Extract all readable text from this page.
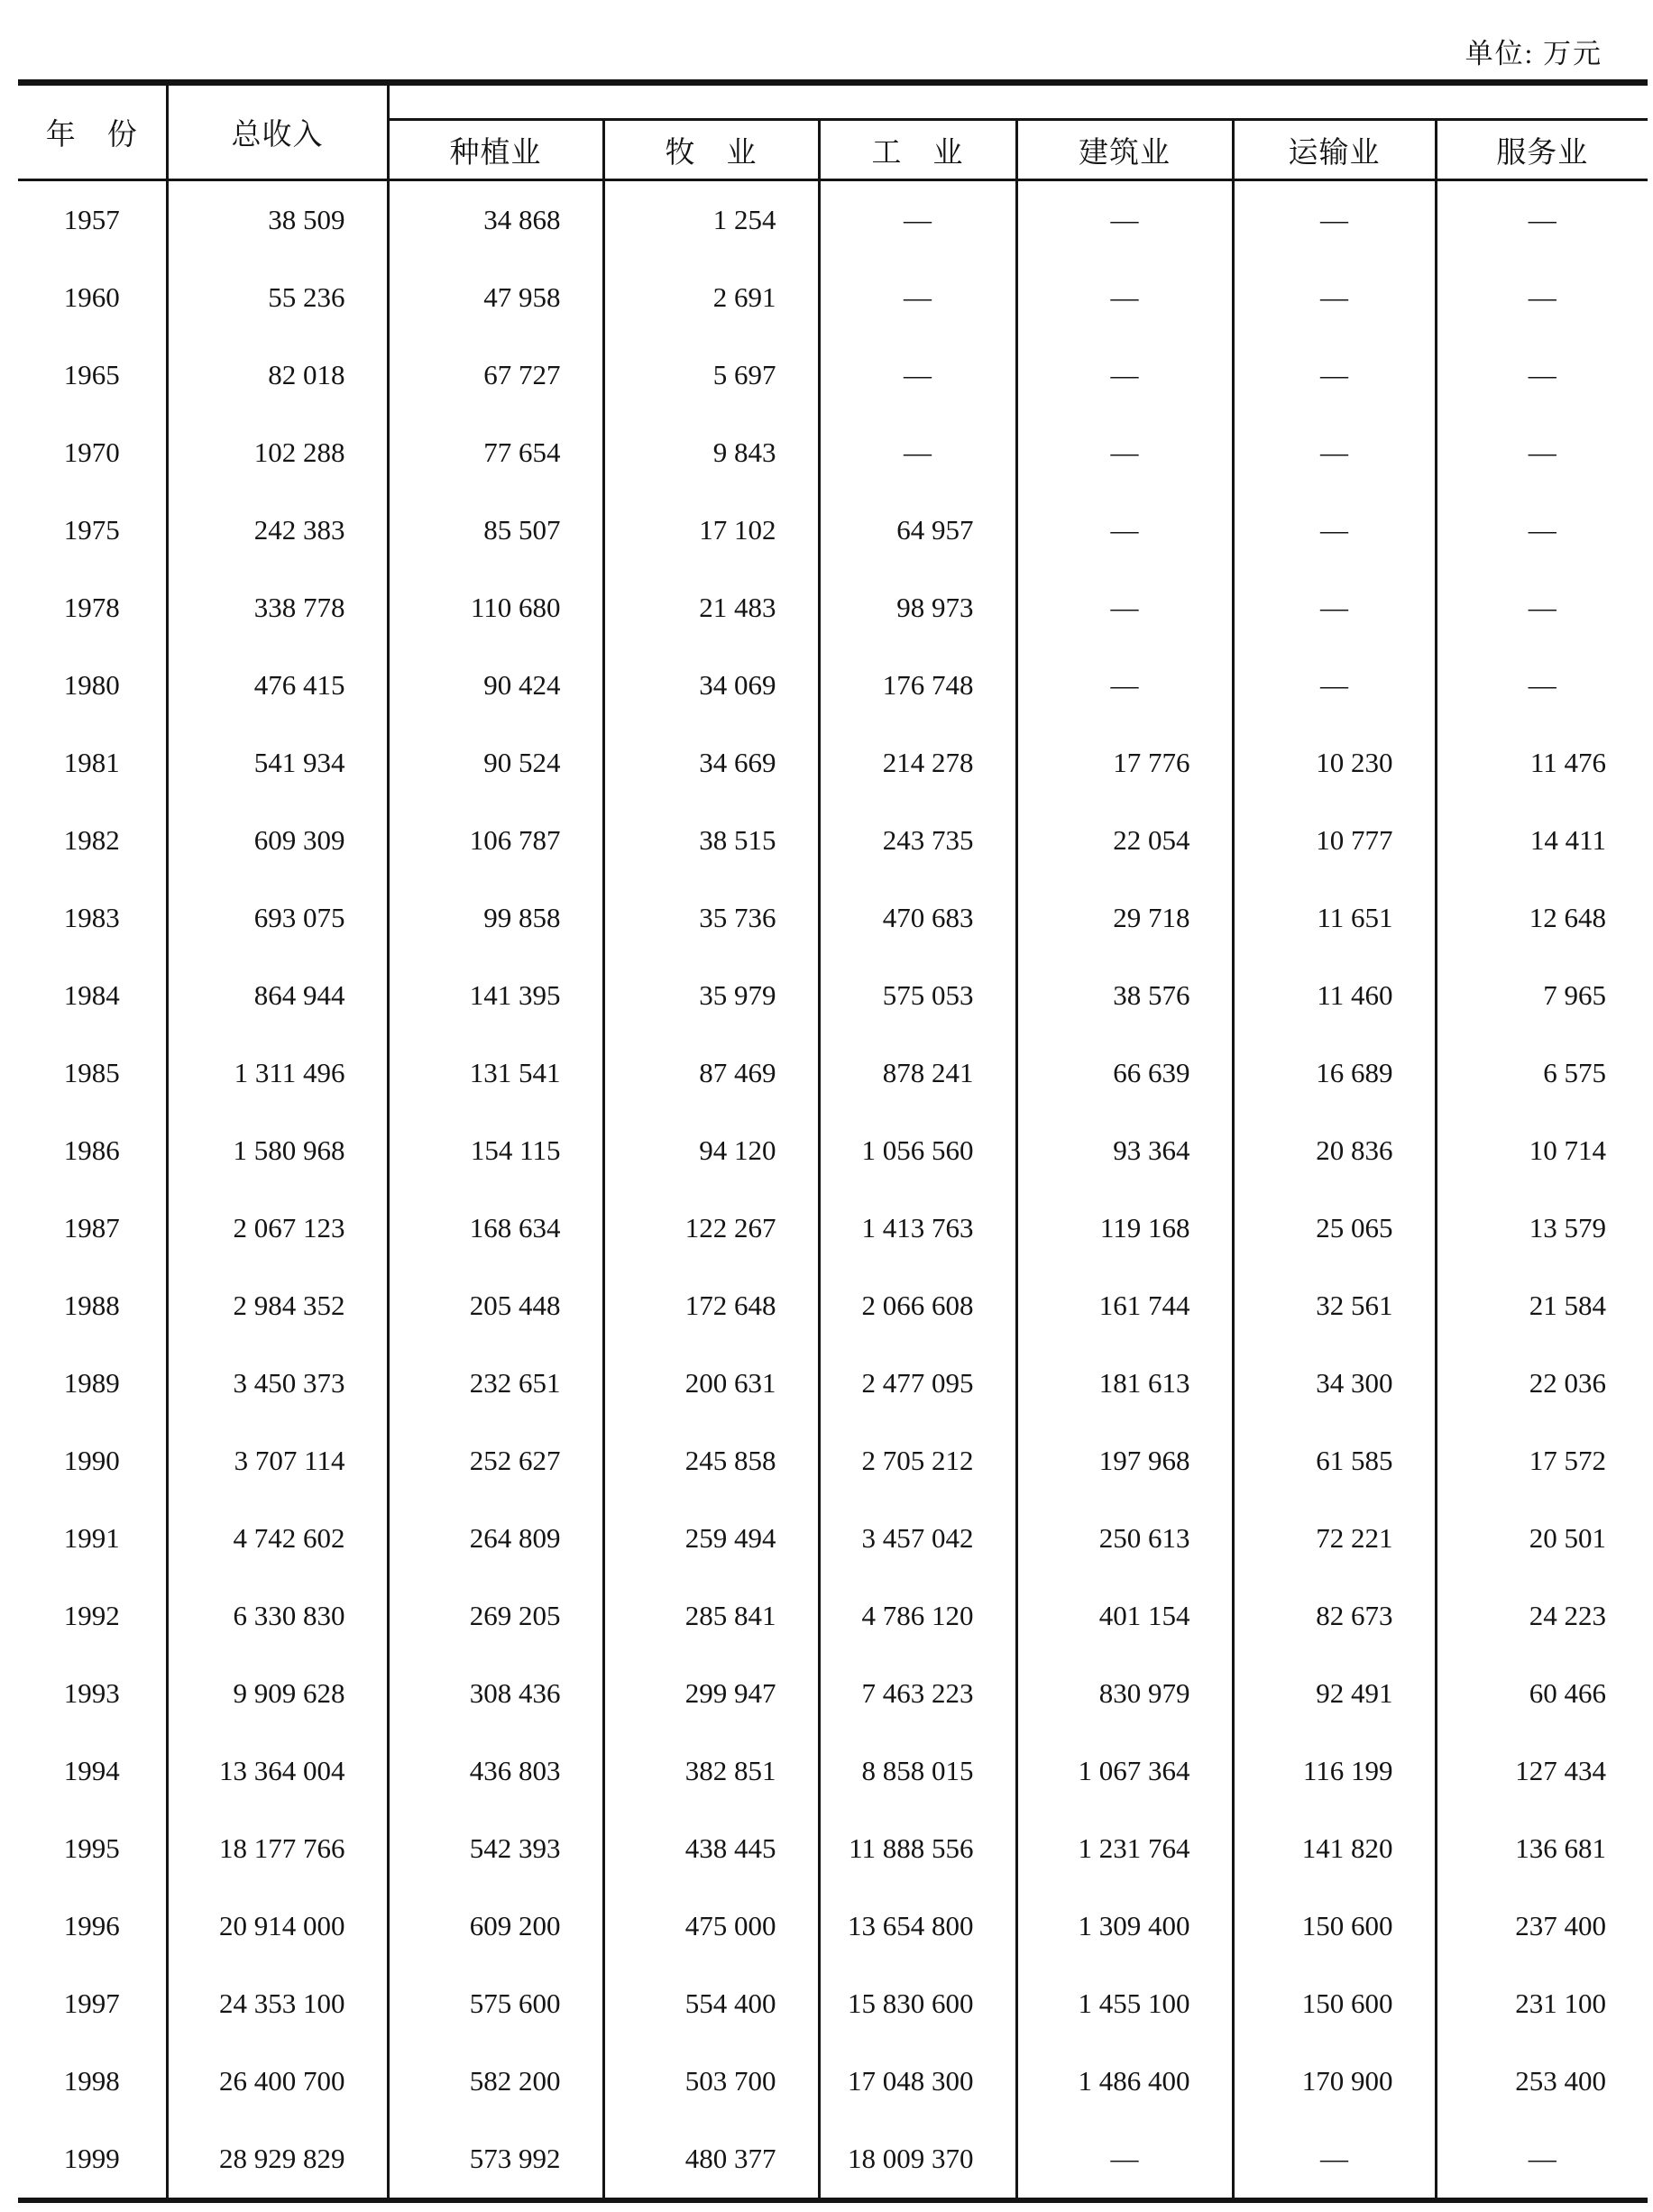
单位: 万元
年　份	总收入						
		种植业	牧　业	工　业	建筑业	运输业	服务业
1957	38 509	34 868	1 254	—	—	—	—
1960	55 236	47 958	2 691	—	—	—	—
1965	82 018	67 727	5 697	—	—	—	—
1970	102 288	77 654	9 843	—	—	—	—
1975	242 383	85 507	17 102	64 957	—	—	—
1978	338 778	110 680	21 483	98 973	—	—	—
1980	476 415	90 424	34 069	176 748	—	—	—
1981	541 934	90 524	34 669	214 278	17 776	10 230	11 476
1982	609 309	106 787	38 515	243 735	22 054	10 777	14 411
1983	693 075	99 858	35 736	470 683	29 718	11 651	12 648
1984	864 944	141 395	35 979	575 053	38 576	11 460	7 965
1985	1 311 496	131 541	87 469	878 241	66 639	16 689	6 575
1986	1 580 968	154 115	94 120	1 056 560	93 364	20 836	10 714
1987	2 067 123	168 634	122 267	1 413 763	119 168	25 065	13 579
1988	2 984 352	205 448	172 648	2 066 608	161 744	32 561	21 584
1989	3 450 373	232 651	200 631	2 477 095	181 613	34 300	22 036
1990	3 707 114	252 627	245 858	2 705 212	197 968	61 585	17 572
1991	4 742 602	264 809	259 494	3 457 042	250 613	72 221	20 501
1992	6 330 830	269 205	285 841	4 786 120	401 154	82 673	24 223
1993	9 909 628	308 436	299 947	7 463 223	830 979	92 491	60 466
1994	13 364 004	436 803	382 851	8 858 015	1 067 364	116 199	127 434
1995	18 177 766	542 393	438 445	11 888 556	1 231 764	141 820	136 681
1996	20 914 000	609 200	475 000	13 654 800	1 309 400	150 600	237 400
1997	24 353 100	575 600	554 400	15 830 600	1 455 100	150 600	231 100
1998	26 400 700	582 200	503 700	17 048 300	1 486 400	170 900	253 400
1999	28 929 829	573 992	480 377	18 009 370	—	—	—
